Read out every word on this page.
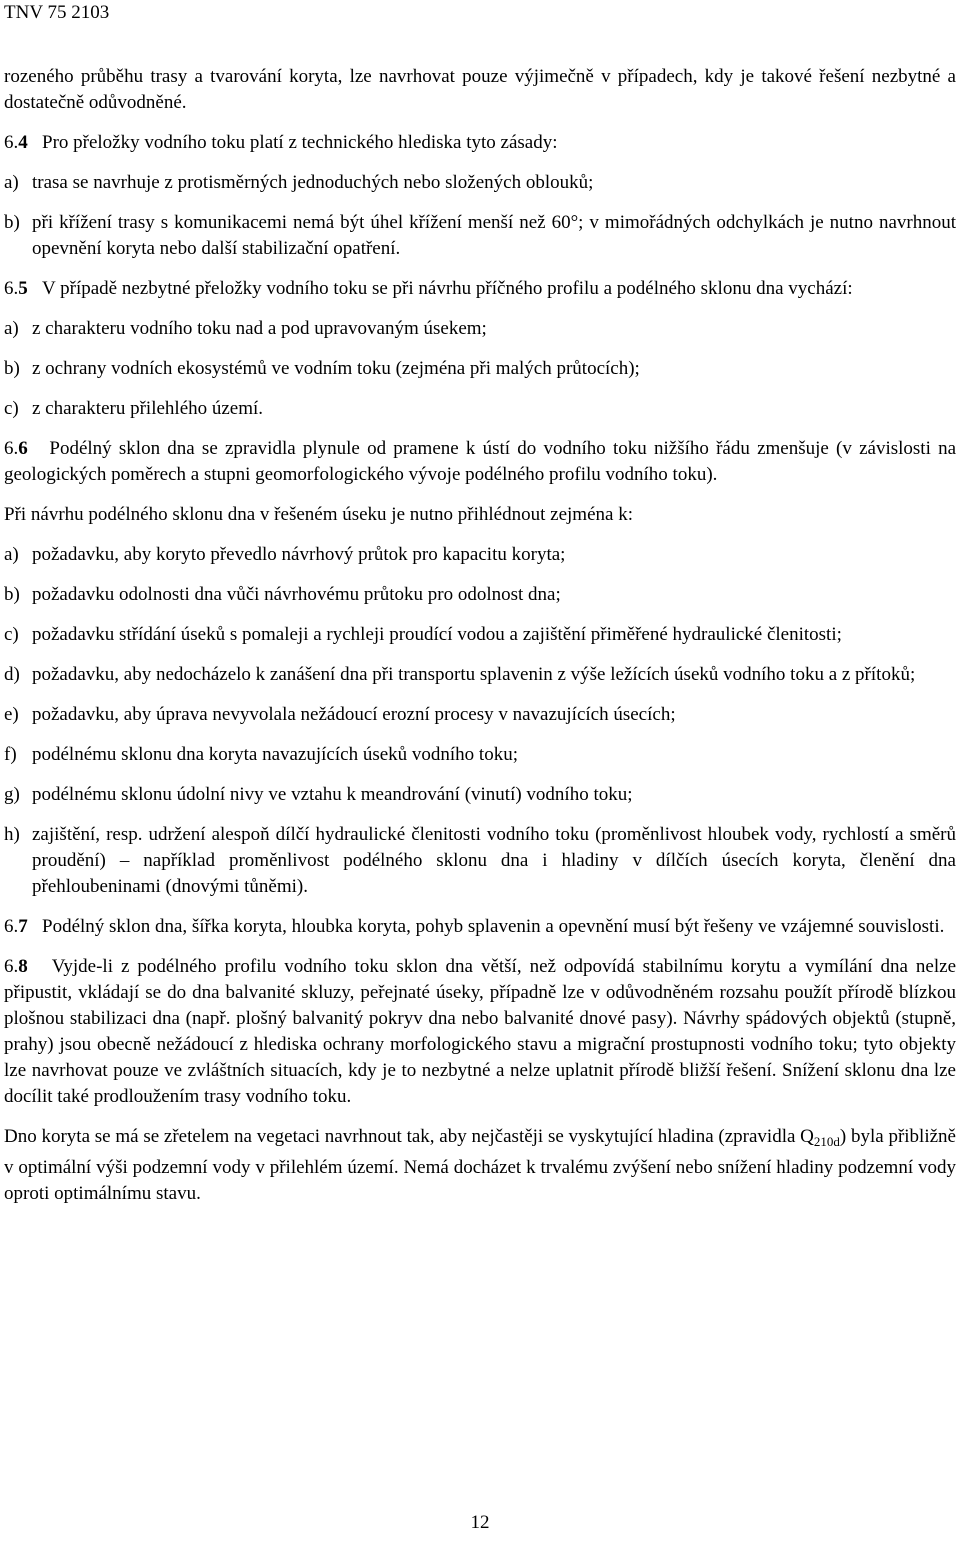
TNV 75 2103

rozeného průběhu trasy a tvarování koryta, lze navrhovat pouze výjimečně v případech, kdy je takové řešení nezbytné a dostatečně odůvodněné.

6.4 Pro přeložky vodního toku platí z technického hlediska tyto zásady:

a) trasa se navrhuje z protisměrných jednoduchých nebo složených oblouků;
b) při křížení trasy s komunikacemi nemá být úhel křížení menší než 60°; v mimořádných odchylkách je nutno navrhnout opevnění koryta nebo další stabilizační opatření.

6.5 V případě nezbytné přeložky vodního toku se při návrhu příčného profilu a podélného sklonu dna vychází:

a) z charakteru vodního toku nad a pod upravovaným úsekem;
b) z ochrany vodních ekosystémů ve vodním toku (zejména při malých průtocích);
c) z charakteru přilehlého území.

6.6 Podélný sklon dna se zpravidla plynule od pramene k ústí do vodního toku nižšího řádu zmenšuje (v závislosti na geologických poměrech a stupni geomorfologického vývoje podélného profilu vodního toku).

Při návrhu podélného sklonu dna v řešeném úseku je nutno přihlédnout zejména k:

a) požadavku, aby koryto převedlo návrhový průtok pro kapacitu koryta;
b) požadavku odolnosti dna vůči návrhovému průtoku pro odolnost dna;
c) požadavku střídání úseků s pomaleji a rychleji proudící vodou a zajištění přiměřené hydraulické členitosti;
d) požadavku, aby nedocházelo k zanášení dna při transportu splavenin z výše ležících úseků vodního toku a z přítoků;
e) požadavku, aby úprava nevyvolala nežádoucí erozní procesy v navazujících úsecích;
f) podélnému sklonu dna koryta navazujících úseků vodního toku;
g) podélnému sklonu údolní nivy ve vztahu k meandrování (vinutí) vodního toku;
h) zajištění, resp. udržení alespoň dílčí hydraulické členitosti vodního toku (proměnlivost hloubek vody, rychlostí a směrů proudění) – například proměnlivost podélného sklonu dna i hladiny v dílčích úsecích koryta, členění dna přehloubeninami (dnovými tůněmi).

6.7 Podélný sklon dna, šířka koryta, hloubka koryta, pohyb splavenin a opevnění musí být řešeny ve vzájemné souvislosti.

6.8 Vyjde-li z podélného profilu vodního toku sklon dna větší, než odpovídá stabilnímu korytu a vymílání dna nelze připustit, vkládají se do dna balvanité skluzy, peřejnaté úseky, případně lze v odůvodněném rozsahu použít přírodě blízkou plošnou stabilizaci dna (např. plošný balvanitý pokryv dna nebo balvanité dnové pasy). Návrhy spádových objektů (stupně, prahy) jsou obecně nežádoucí z hlediska ochrany morfologického stavu a migrační prostupnosti vodního toku; tyto objekty lze navrhovat pouze ve zvláštních situacích, kdy je to nezbytné a nelze uplatnit přírodě bližší řešení. Snížení sklonu dna lze docílit také prodloužením trasy vodního toku.

Dno koryta se má se zřetelem na vegetaci navrhnout tak, aby nejčastěji se vyskytující hladina (zpravidla $Q_{210d}$) byla přibližně v optimální výši podzemní vody v přilehlém území. Nemá docházet k trvalému zvýšení nebo snížení hladiny podzemní vody oproti optimálnímu stavu.

12
